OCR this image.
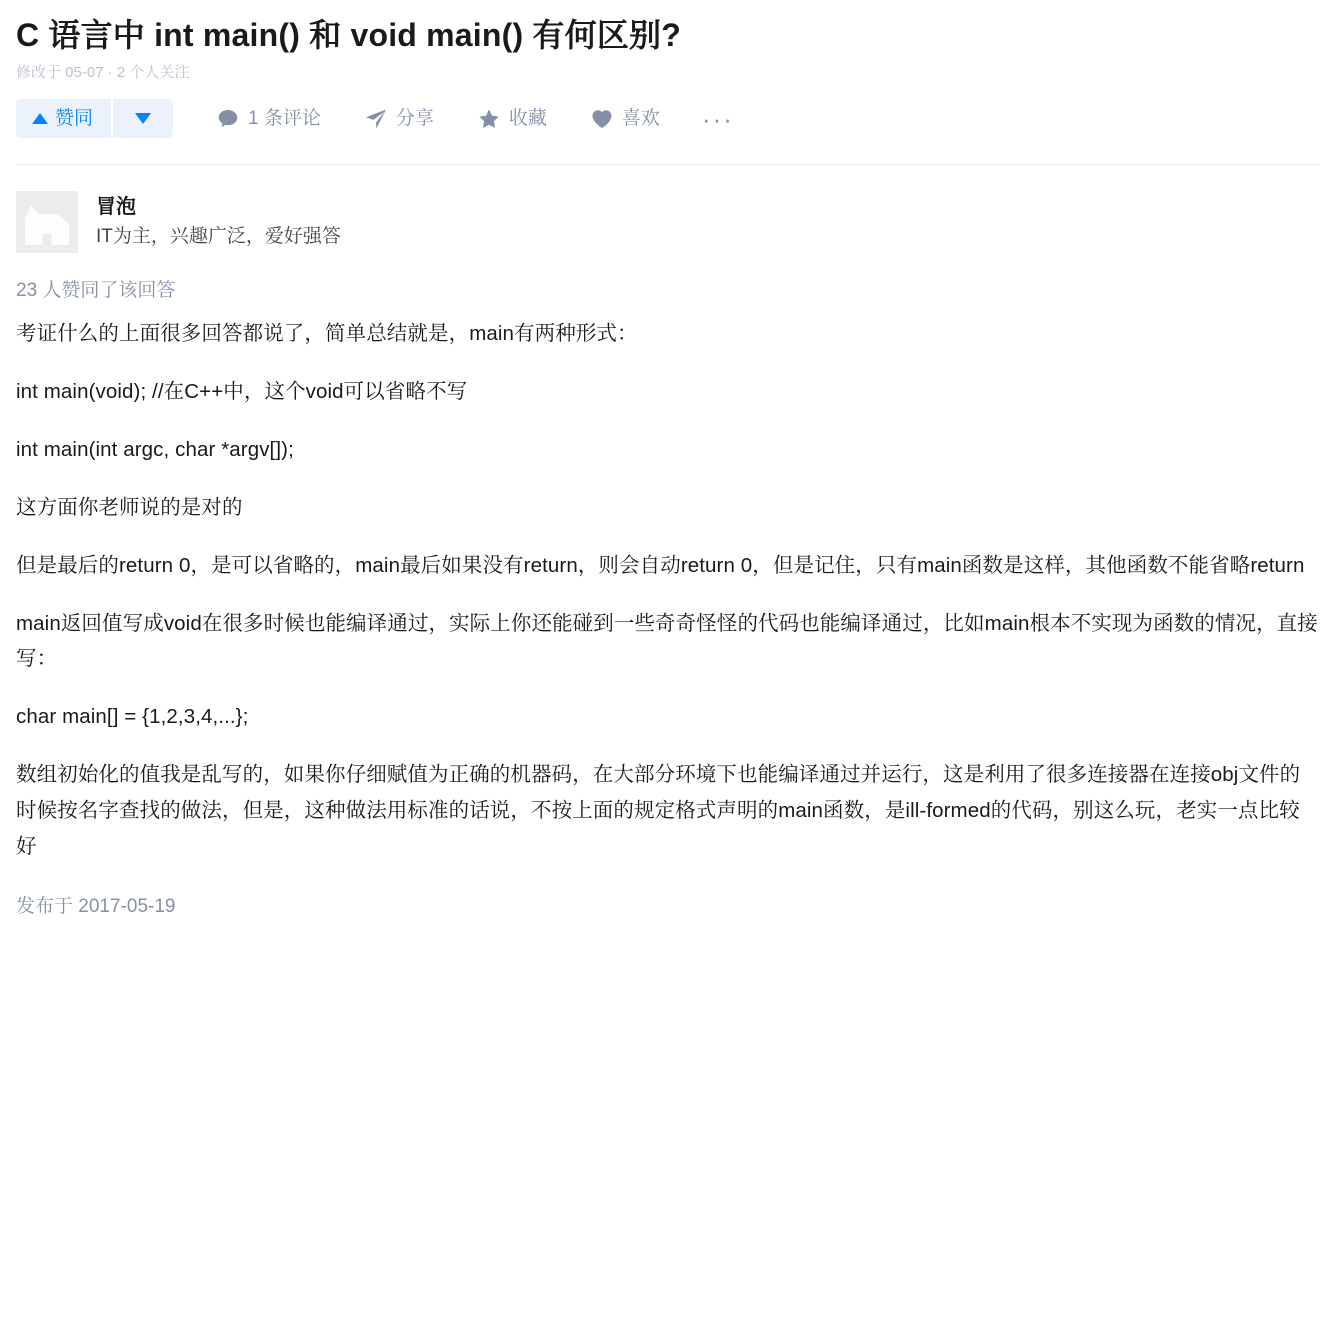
C 语言中 int main() 和 void main() 有何区别?
修改于 05-07 · 2 个人关注
赞同	1 条评论	分享	收藏	喜欢 ···
冒泡
IT为主，兴趣广泛，爱好强答
23 人赞同了该回答

考证什么的上面很多回答都说了，简单总结就是，main有两种形式：

int main(void); //在C++中，这个void可以省略不写

int main(int argc, char *argv[]);

这方面你老师说的是对的

但是最后的return 0，是可以省略的，main最后如果没有return，则会自动return 0，但是记住，只有main函数是这样，其他函数不能省略return

main返回值写成void在很多时候也能编译通过，实际上你还能碰到一些奇奇怪怪的代码也能编译通过，比如main根本不实现为函数的情况，直接写：

char main[] = {1,2,3,4,...};

数组初始化的值我是乱写的，如果你仔细赋值为正确的机器码，在大部分环境下也能编译通过并运行，这是利用了很多连接器在连接obj文件的时候按名字查找的做法，但是，这种做法用标准的话说，不按上面的规定格式声明的main函数，是ill-formed的代码，别这么玩，老实一点比较好

发布于 2017-05-19
